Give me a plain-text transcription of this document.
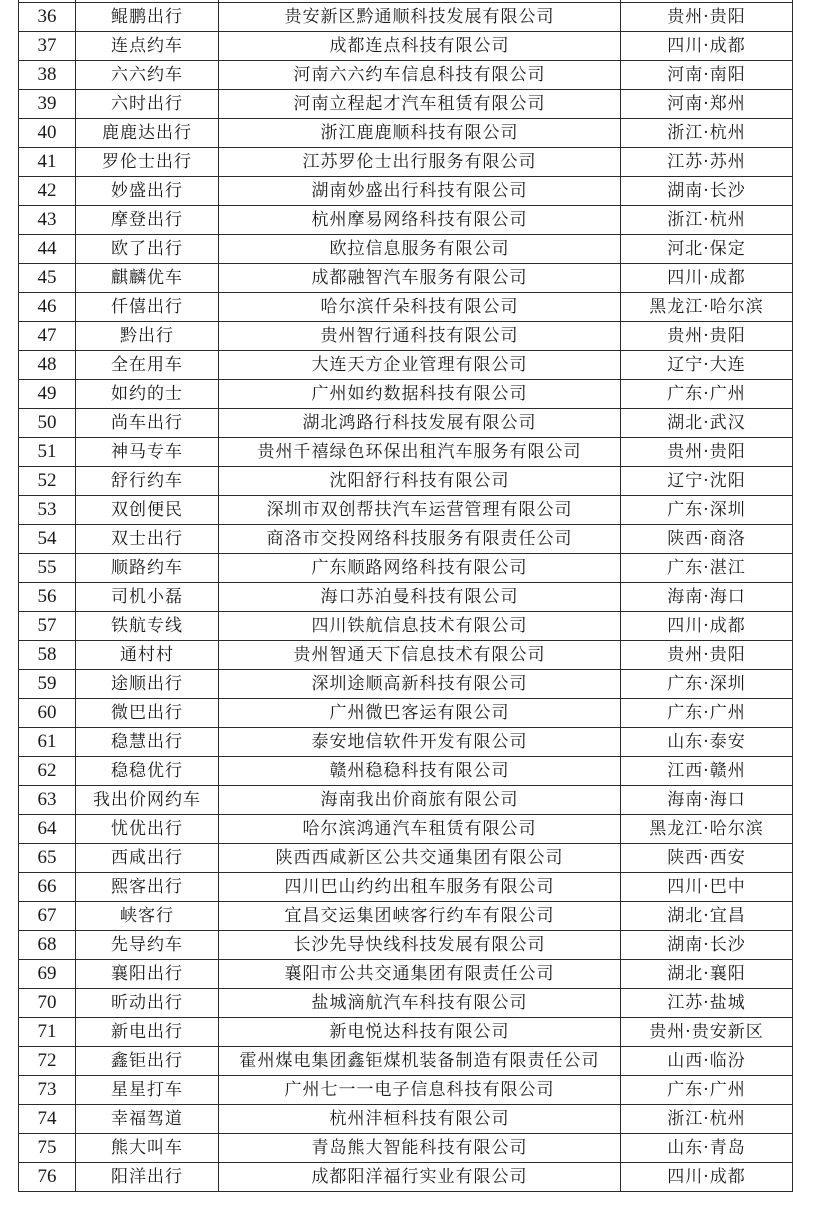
36	鲲鹏出行	贵安新区黔通顺科技发展有限公司	贵州·贵阳
37	连点约车	成都连点科技有限公司	四川·成都
38	六六约车	河南六六约车信息科技有限公司	河南·南阳
39	六时出行	河南立程起才汽车租赁有限公司	河南·郑州
40	鹿鹿达出行	浙江鹿鹿顺科技有限公司	浙江·杭州
41	罗伦士出行	江苏罗伦士出行服务有限公司	江苏·苏州
42	妙盛出行	湖南妙盛出行科技有限公司	湖南·长沙
43	摩登出行	杭州摩易网络科技有限公司	浙江·杭州
44	欧了出行	欧拉信息服务有限公司	河北·保定
45	麒麟优车	成都融智汽车服务有限公司	四川·成都
46	仟僖出行	哈尔滨仟朵科技有限公司	黑龙江·哈尔滨
47	黔出行	贵州智行通科技有限公司	贵州·贵阳
48	全在用车	大连天方企业管理有限公司	辽宁·大连
49	如约的士	广州如约数据科技有限公司	广东·广州
50	尚车出行	湖北鸿路行科技发展有限公司	湖北·武汉
51	神马专车	贵州千禧绿色环保出租汽车服务有限公司	贵州·贵阳
52	舒行约车	沈阳舒行科技有限公司	辽宁·沈阳
53	双创便民	深圳市双创帮扶汽车运营管理有限公司	广东·深圳
54	双士出行	商洛市交投网络科技服务有限责任公司	陕西·商洛
55	顺路约车	广东顺路网络科技有限公司	广东·湛江
56	司机小磊	海口苏泊曼科技有限公司	海南·海口
57	铁航专线	四川铁航信息技术有限公司	四川·成都
58	通村村	贵州智通天下信息技术有限公司	贵州·贵阳
59	途顺出行	深圳途顺高新科技有限公司	广东·深圳
60	微巴出行	广州微巴客运有限公司	广东·广州
61	稳慧出行	泰安地信软件开发有限公司	山东·泰安
62	稳稳优行	赣州稳稳科技有限公司	江西·赣州
63	我出价网约车	海南我出价商旅有限公司	海南·海口
64	忧优出行	哈尔滨鸿通汽车租赁有限公司	黑龙江·哈尔滨
65	西咸出行	陕西西咸新区公共交通集团有限公司	陕西·西安
66	熙客出行	四川巴山约约出租车服务有限公司	四川·巴中
67	峡客行	宜昌交运集团峡客行约车有限公司	湖北·宜昌
68	先导约车	长沙先导快线科技发展有限公司	湖南·长沙
69	襄阳出行	襄阳市公共交通集团有限责任公司	湖北·襄阳
70	昕动出行	盐城滴航汽车科技有限公司	江苏·盐城
71	新电出行	新电悦达科技有限公司	贵州·贵安新区
72	鑫钜出行	霍州煤电集团鑫钜煤机装备制造有限责任公司	山西·临汾
73	星星打车	广州七一一电子信息科技有限公司	广东·广州
74	幸福驾道	杭州沣桓科技有限公司	浙江·杭州
75	熊大叫车	青岛熊大智能科技有限公司	山东·青岛
76	阳洋出行	成都阳洋福行实业有限公司	四川·成都
